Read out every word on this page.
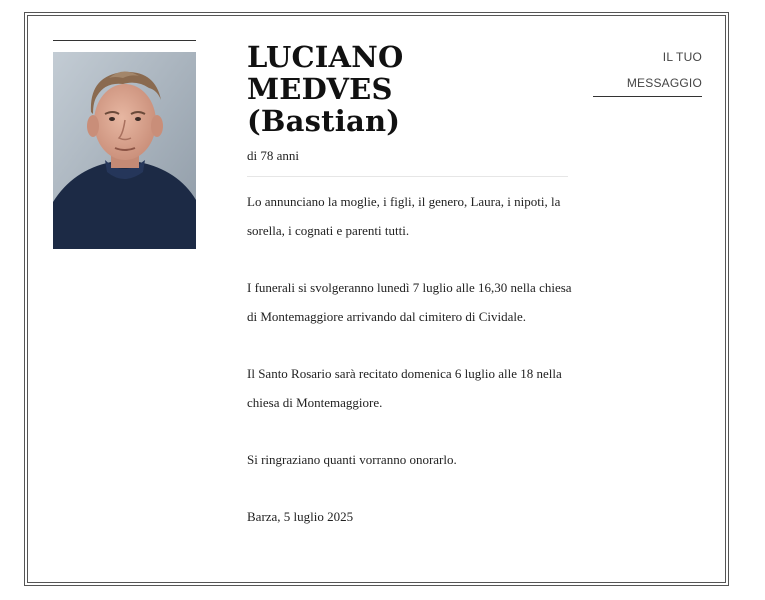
LUCIANO
MEDVES
(Bastian)
di 78 anni

Lo annunciano la moglie, i figli, il genero, Laura, i nipoti, la sorella, i cognati e parenti tutti.

I funerali si svolgeranno lunedì 7 luglio alle 16,30 nella chiesa di Montemaggiore arrivando dal cimitero di Cividale.

Il Santo Rosario sarà recitato domenica 6 luglio alle 18 nella chiesa di Montemaggiore.

Si ringraziano quanti vorranno onorarlo.

Barza, 5 luglio 2025

IL TUO
MESSAGGIO
